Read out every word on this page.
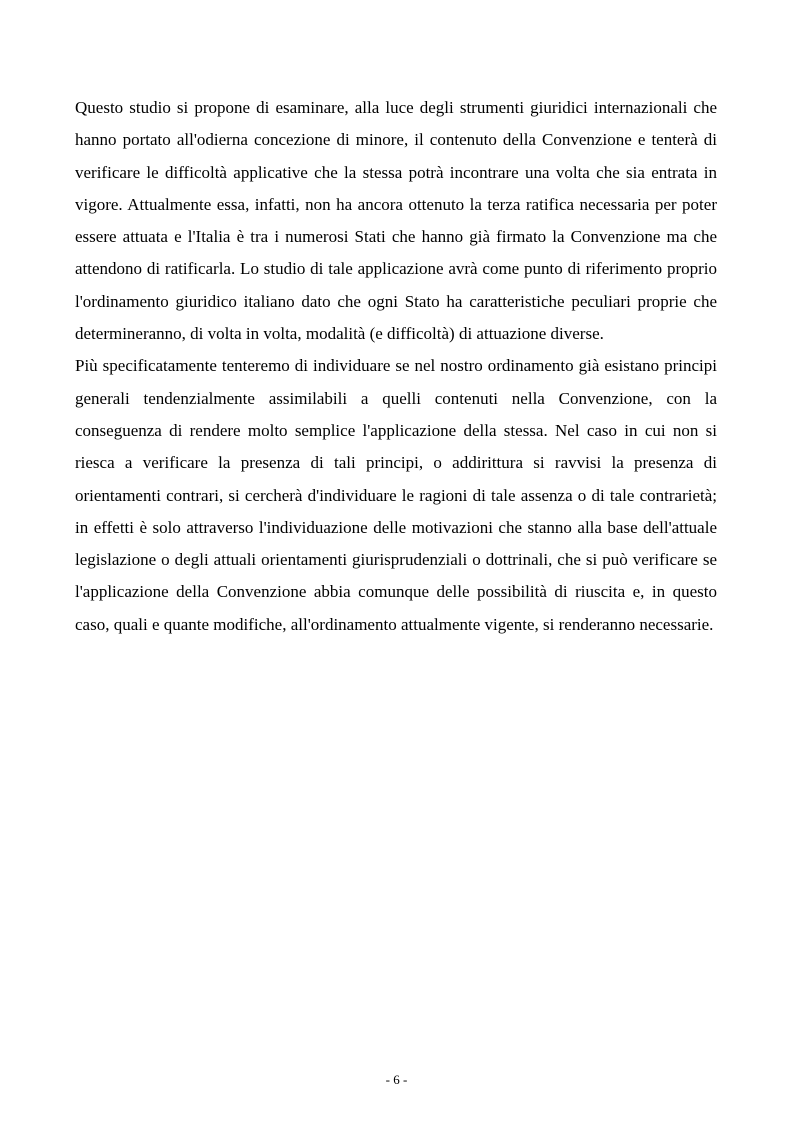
Questo studio si propone di esaminare, alla luce degli strumenti giuridici internazionali che hanno portato all'odierna concezione di minore, il contenuto della Convenzione e tenterà di verificare le difficoltà applicative che la stessa potrà incontrare una volta che sia entrata in vigore. Attualmente essa, infatti, non ha ancora ottenuto la terza ratifica necessaria per poter essere attuata e l'Italia è tra i numerosi Stati che hanno già firmato la Convenzione ma che attendono di ratificarla. Lo studio di tale applicazione avrà come punto di riferimento proprio l'ordinamento giuridico italiano dato che ogni Stato ha caratteristiche peculiari proprie che determineranno, di volta in volta, modalità (e difficoltà) di attuazione diverse.

Più specificatamente tenteremo di individuare se nel nostro ordinamento già esistano principi generali tendenzialmente assimilabili a quelli contenuti nella Convenzione, con la conseguenza di rendere molto semplice l'applicazione della stessa. Nel caso in cui non si riesca a verificare la presenza di tali principi, o addirittura si ravvisi la presenza di orientamenti contrari, si cercherà d'individuare le ragioni di tale assenza o di tale contrarietà; in effetti è solo attraverso l'individuazione delle motivazioni che stanno alla base dell'attuale legislazione o degli attuali orientamenti giurisprudenziali o dottrinali, che si può verificare se l'applicazione della Convenzione abbia comunque delle possibilità di riuscita e, in questo caso, quali e quante modifiche, all'ordinamento attualmente vigente, si renderanno necessarie.

- 6 -
